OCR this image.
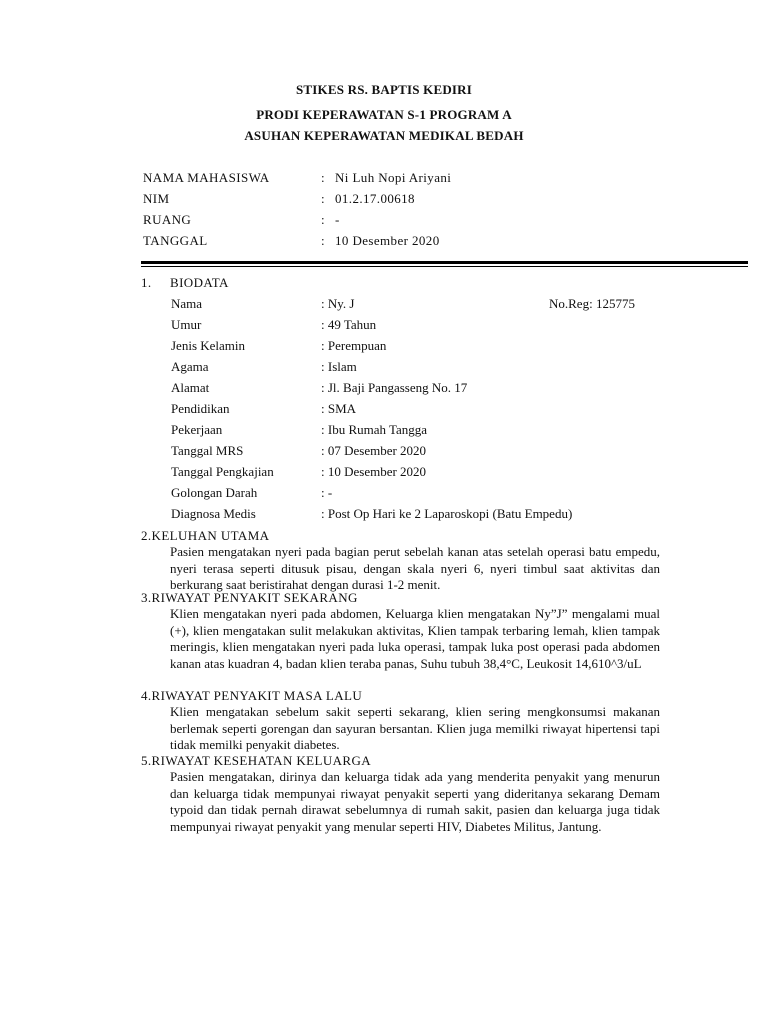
STIKES RS. BAPTIS KEDIRI
PRODI KEPERAWATAN S-1 PROGRAM A
ASUHAN KEPERAWATAN MEDIKAL BEDAH
NAMA MAHASISWA	: Ni Luh Nopi Ariyani
NIM	: 01.2.17.00618
RUANG	: -
TANGGAL	: 10 Desember 2020
1. BIODATA
Nama	: Ny. J	No.Reg: 125775
Umur	: 49 Tahun
Jenis Kelamin	: Perempuan
Agama	: Islam
Alamat	: Jl. Baji Pangasseng No. 17
Pendidikan	: SMA
Pekerjaan	: Ibu Rumah Tangga
Tanggal MRS	: 07 Desember 2020
Tanggal Pengkajian	: 10 Desember 2020
Golongan Darah	: -
Diagnosa Medis	: Post Op Hari ke 2 Laparoskopi (Batu Empedu)
2.KELUHAN UTAMA

Pasien mengatakan nyeri pada bagian perut sebelah kanan atas setelah operasi batu empedu, nyeri terasa seperti ditusuk pisau, dengan skala nyeri 6, nyeri timbul saat aktivitas dan berkurang saat beristirahat dengan durasi 1-2 menit.

3.RIWAYAT PENYAKIT SEKARANG

Klien mengatakan nyeri pada abdomen, Keluarga klien mengatakan Ny”J” mengalami mual (+), klien mengatakan sulit melakukan aktivitas, Klien tampak terbaring lemah, klien tampak meringis, klien mengatakan nyeri pada luka operasi, tampak luka post operasi pada abdomen kanan atas kuadran 4, badan klien teraba panas, Suhu tubuh 38,4°C, Leukosit 14,610^3/uL

4.RIWAYAT PENYAKIT MASA LALU

Klien mengatakan sebelum sakit seperti sekarang, klien sering mengkonsumsi makanan berlemak seperti gorengan dan sayuran bersantan. Klien juga memilki riwayat hipertensi tapi tidak memilki penyakit diabetes.

5.RIWAYAT KESEHATAN KELUARGA

Pasien mengatakan, dirinya dan keluarga tidak ada yang menderita penyakit yang menurun dan keluarga tidak mempunyai riwayat penyakit seperti yang dideritanya sekarang Demam typoid dan tidak pernah dirawat sebelumnya di rumah sakit, pasien dan keluarga juga tidak mempunyai riwayat penyakit yang menular seperti HIV, Diabetes Militus, Jantung.
